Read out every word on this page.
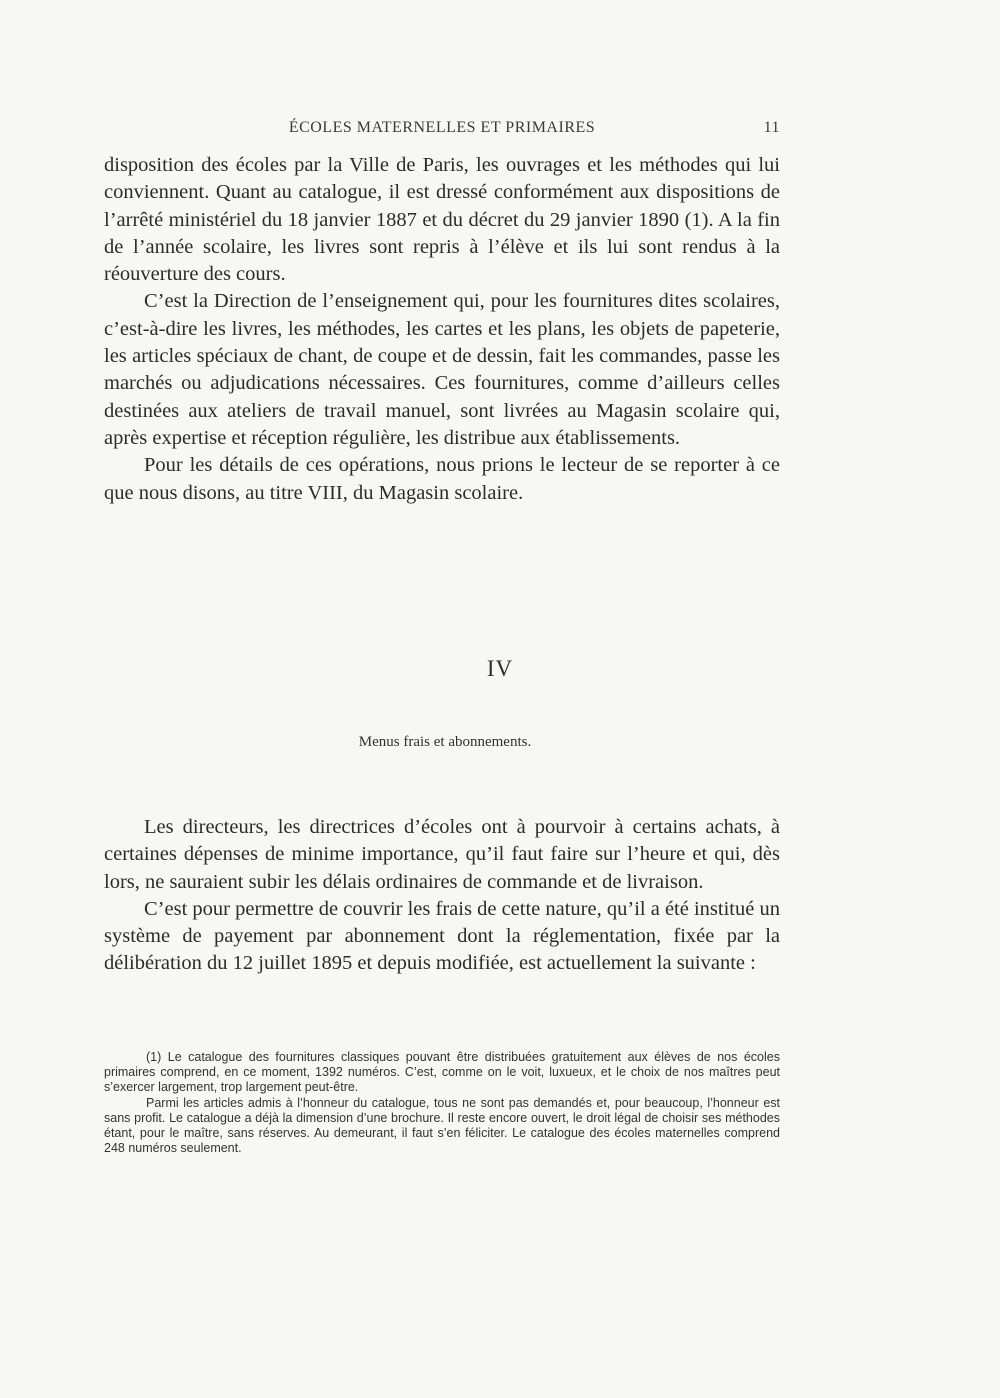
ÉCOLES MATERNELLES ET PRIMAIRES	11

disposition des écoles par la Ville de Paris, les ouvrages et les méthodes qui lui conviennent. Quant au catalogue, il est dressé conformément aux dispositions de l’arrêté ministériel du 18 janvier 1887 et du décret du 29 janvier 1890 (1). A la fin de l’année scolaire, les livres sont repris à l’élève et ils lui sont rendus à la réouverture des cours.

C’est la Direction de l’enseignement qui, pour les fournitures dites scolaires, c’est-à-dire les livres, les méthodes, les cartes et les plans, les objets de papeterie, les articles spéciaux de chant, de coupe et de dessin, fait les commandes, passe les marchés ou adjudications nécessaires. Ces fournitures, comme d’ailleurs celles destinées aux ateliers de travail manuel, sont livrées au Magasin scolaire qui, après expertise et réception régulière, les distribue aux établissements.

Pour les détails de ces opérations, nous prions le lecteur de se reporter à ce que nous disons, au titre VIII, du Magasin scolaire.

IV
Menus frais et abonnements.

Les directeurs, les directrices d’écoles ont à pourvoir à certains achats, à certaines dépenses de minime importance, qu’il faut faire sur l’heure et qui, dès lors, ne sauraient subir les délais ordinaires de commande et de livraison.

C’est pour permettre de couvrir les frais de cette nature, qu’il a été institué un système de payement par abonnement dont la réglementation, fixée par la délibération du 12 juillet 1895 et depuis modifiée, est actuellement la suivante :

(1) Le catalogue des fournitures classiques pouvant être distribuées gratuitement aux élèves de nos écoles primaires comprend, en ce moment, 1392 numéros. C’est, comme on le voit, luxueux, et le choix de nos maîtres peut s’exercer largement, trop largement peut-être.

Parmi les articles admis à l’honneur du catalogue, tous ne sont pas demandés et, pour beaucoup, l’honneur est sans profit. Le catalogue a déjà la dimension d’une brochure. Il reste encore ouvert, le droit légal de choisir ses méthodes étant, pour le maître, sans réserves. Au demeurant, il faut s’en féliciter. Le catalogue des écoles maternelles comprend 248 numéros seulement.
